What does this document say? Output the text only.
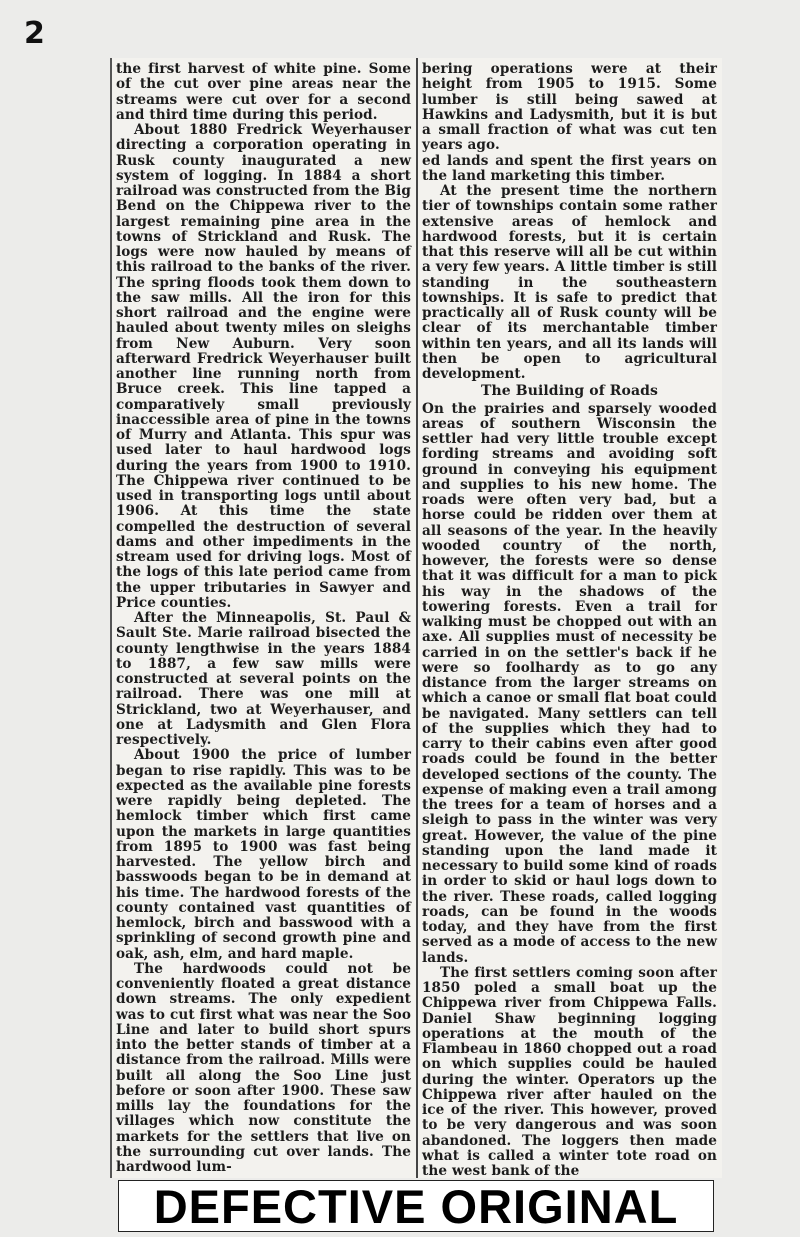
2

the first harvest of white pine. Some of the cut over pine areas near the streams were cut over for a second and third time during this period.

About 1880 Fredrick Weyerhauser directing a corporation operating in Rusk county inaugurated a new system of logging. In 1884 a short railroad was constructed from the Big Bend on the Chippewa river to the largest remaining pine area in the towns of Strickland and Rusk. The logs were now hauled by means of this railroad to the banks of the river. The spring floods took them down to the saw mills. All the iron for this short railroad and the engine were hauled about twenty miles on sleighs from New Auburn. Very soon afterward Fredrick Weyerhauser built another line running north from Bruce creek. This line tapped a comparatively small previously inaccessible area of pine in the towns of Murry and Atlanta. This spur was used later to haul hardwood logs during the years from 1900 to 1910. The Chippewa river continued to be used in transporting logs until about 1906. At this time the state compelled the destruction of several dams and other impediments in the stream used for driving logs. Most of the logs of this late period came from the upper tributaries in Sawyer and Price counties.

After the Minneapolis, St. Paul & Sault Ste. Marie railroad bisected the county lengthwise in the years 1884 to 1887, a few saw mills were constructed at several points on the railroad. There was one mill at Strickland, two at Weyerhauser, and one at Ladysmith and Glen Flora respectively.

About 1900 the price of lumber began to rise rapidly. This was to be expected as the available pine forests were rapidly being depleted. The hemlock timber which first came upon the markets in large quantities from 1895 to 1900 was fast being harvested. The yellow birch and basswoods began to be in demand at his time. The hardwood forests of the county contained vast quantities of hemlock, birch and basswood with a sprinkling of second growth pine and oak, ash, elm, and hard maple.

The hardwoods could not be conveniently floated a great distance down streams. The only expedient was to cut first what was near the Soo Line and later to build short spurs into the better stands of timber at a distance from the railroad. Mills were built all along the Soo Line just before or soon after 1900. These saw mills lay the foundations for the villages which now constitute the markets for the settlers that live on the surrounding cut over lands. The hardwood lum-

bering operations were at their height from 1905 to 1915. Some lumber is still being sawed at Hawkins and Ladysmith, but it is but a small fraction of what was cut ten years ago.

ed lands and spent the first years on the land marketing this timber.

At the present time the northern tier of townships contain some rather extensive areas of hemlock and hardwood forests, but it is certain that this reserve will all be cut within a very few years. A little timber is still standing in the southeastern townships. It is safe to predict that practically all of Rusk county will be clear of its merchantable timber within ten years, and all its lands will then be open to agricultural development.

The Building of Roads

On the prairies and sparsely wooded areas of southern Wisconsin the settler had very little trouble except fording streams and avoiding soft ground in conveying his equipment and supplies to his new home. The roads were often very bad, but a horse could be ridden over them at all seasons of the year. In the heavily wooded country of the north, however, the forests were so dense that it was difficult for a man to pick his way in the shadows of the towering forests. Even a trail for walking must be chopped out with an axe. All supplies must of necessity be carried in on the settler's back if he were so foolhardy as to go any distance from the larger streams on which a canoe or small flat boat could be navigated. Many settlers can tell of the supplies which they had to carry to their cabins even after good roads could be found in the better developed sections of the county. The expense of making even a trail among the trees for a team of horses and a sleigh to pass in the winter was very great. However, the value of the pine standing upon the land made it necessary to build some kind of roads in order to skid or haul logs down to the river. These roads, called logging roads, can be found in the woods today, and they have from the first served as a mode of access to the new lands.

The first settlers coming soon after 1850 poled a small boat up the Chippewa river from Chippewa Falls. Daniel Shaw beginning logging operations at the mouth of the Flambeau in 1860 chopped out a road on which supplies could be hauled during the winter. Operators up the Chippewa river after hauled on the ice of the river. This however, proved to be very dangerous and was soon abandoned. The loggers then made what is called a winter tote road on the west bank of the

DEFECTIVE ORIGINAL
